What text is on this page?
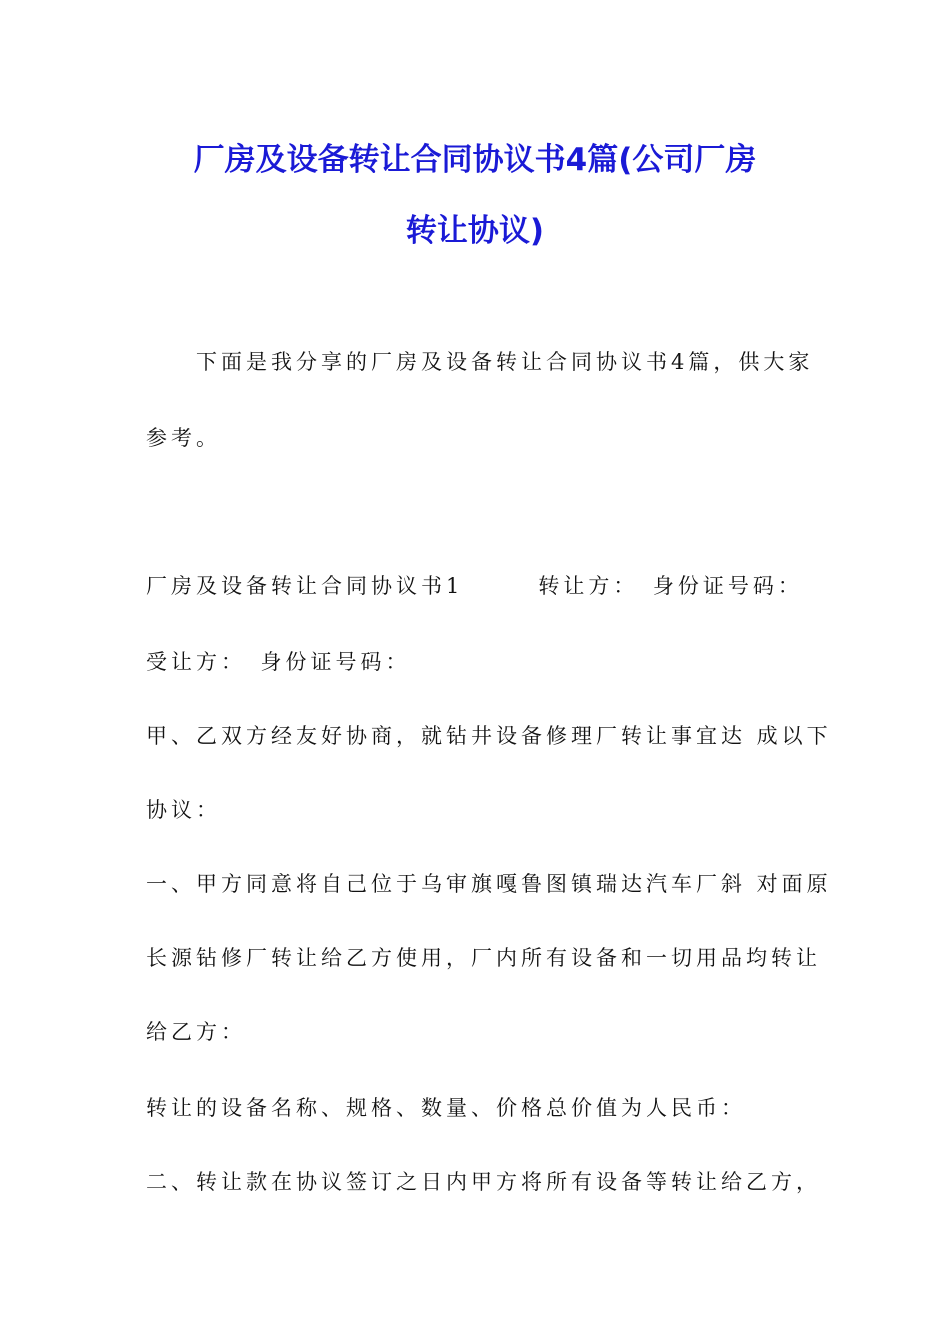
厂房及设备转让合同协议书4篇(公司厂房
转让协议)
　　下面是我分享的厂房及设备转让合同协议书4篇，供大家
参考。
厂房及设备转让合同协议书1　　　转让方：　身份证号码：
受让方：　身份证号码：
甲、乙双方经友好协商，就钻井设备修理厂转让事宜达 成以下
协议：
一、甲方同意将自己位于乌审旗嘎鲁图镇瑞达汽车厂斜 对面原
长源钻修厂转让给乙方使用，厂内所有设备和一切用品均转让
给乙方：
转让的设备名称、规格、数量、价格总价值为人民币：
二、转让款在协议签订之日内甲方将所有设备等转让给乙方，
